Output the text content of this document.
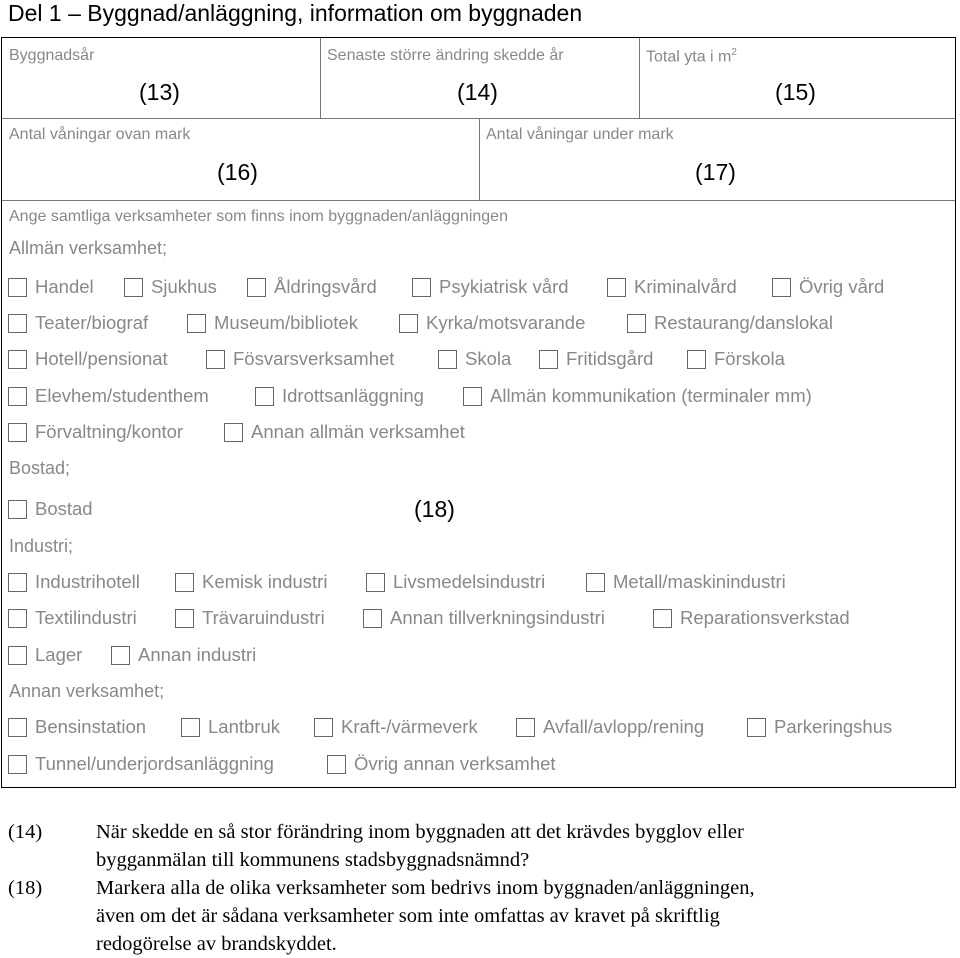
Del 1 – Byggnad/anläggning, information om byggnaden
Byggnadsår
(13)
Senaste större ändring skedde år
(14)
Total yta i $m^2$
(15)
Antal våningar ovan mark
(16)
Antal våningar under mark
(17)
Ange samtliga verksamheter som finns inom byggnaden/anläggningen
Allmän verksamhet;
Handel	Sjukhus	Åldringsvård	Psykiatrisk vård	Kriminalvård	Övrig vård
Teater/biograf	Museum/bibliotek	Kyrka/motsvarande	Restaurang/danslokal
Hotell/pensionat	Fösvarsverksamhet	Skola	Fritidsgård	Förskola
Elevhem/studenthem	Idrottsanläggning	Allmän kommunikation (terminaler mm)
Förvaltning/kontor	Annan allmän verksamhet
Bostad;
Bostad	(18)
Industri;
Industrihotell	Kemisk industri	Livsmedelsindustri	Metall/maskinindustri
Textilindustri	Trävaruindustri	Annan tillverkningsindustri	Reparationsverkstad
Lager	Annan industri
Annan verksamhet;
Bensinstation	Lantbruk	Kraft-/värmeverk	Avfall/avlopp/rening	Parkeringshus
Tunnel/underjordsanläggning	Övrig annan verksamhet
(14)	När skedde en så stor förändring inom byggnaden att det krävdes bygglov eller
bygganmälan till kommunens stadsbyggnadsnämnd?
(18)	Markera alla de olika verksamheter som bedrivs inom byggnaden/anläggningen,
även om det är sådana verksamheter som inte omfattas av kravet på skriftlig
redogörelse av brandskyddet.
